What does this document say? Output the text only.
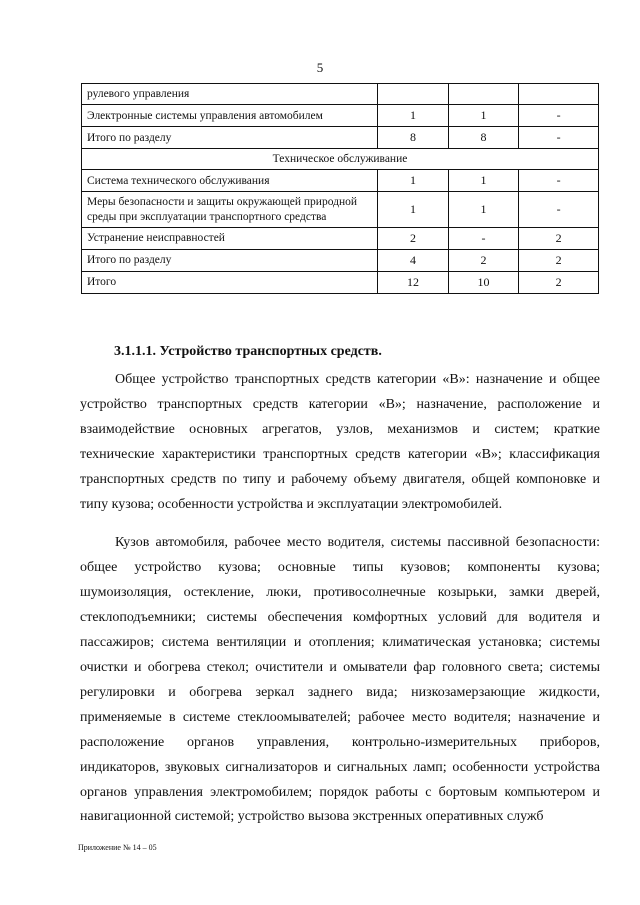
5
рулевого управления			
Электронные системы управления автомобилем	1	1	-
Итого по разделу	8	8	-
Техническое обслуживание			
Система технического обслуживания	1	1	-
Меры безопасности и защиты окружающей природной среды при эксплуатации транспортного средства	1	1	-
Устранение неисправностей	2	-	2
Итого по разделу	4	2	2
Итого	12	10	2
3.1.1.1. Устройство транспортных средств.

Общее устройство транспортных средств категории «В»: назначение и общее устройство транспортных средств категории «В»; назначение, расположение и взаимодействие основных агрегатов, узлов, механизмов и систем; краткие технические характеристики транспортных средств категории «В»; классификация транспортных средств по типу и рабочему объему двигателя, общей компоновке и типу кузова; особенности устройства и эксплуатации электромобилей.

Кузов автомобиля, рабочее место водителя, системы пассивной безопасности: общее устройство кузова; основные типы кузовов; компоненты кузова; шумоизоляция, остекление, люки, противосолнечные козырьки, замки дверей, стеклоподъемники; системы обеспечения комфортных условий для водителя и пассажиров; система вентиляции и отопления; климатическая установка; системы очистки и обогрева стекол; очистители и омыватели фар головного света; системы регулировки и обогрева зеркал заднего вида; низкозамерзающие жидкости, применяемые в системе стеклоомывателей; рабочее место водителя; назначение и расположение органов управления, контрольно-измерительных приборов, индикаторов, звуковых сигнализаторов и сигнальных ламп; особенности устройства органов управления электромобилем; порядок работы с бортовым компьютером и навигационной системой; устройство вызова экстренных оперативных служб

Приложение № 14 – 05
